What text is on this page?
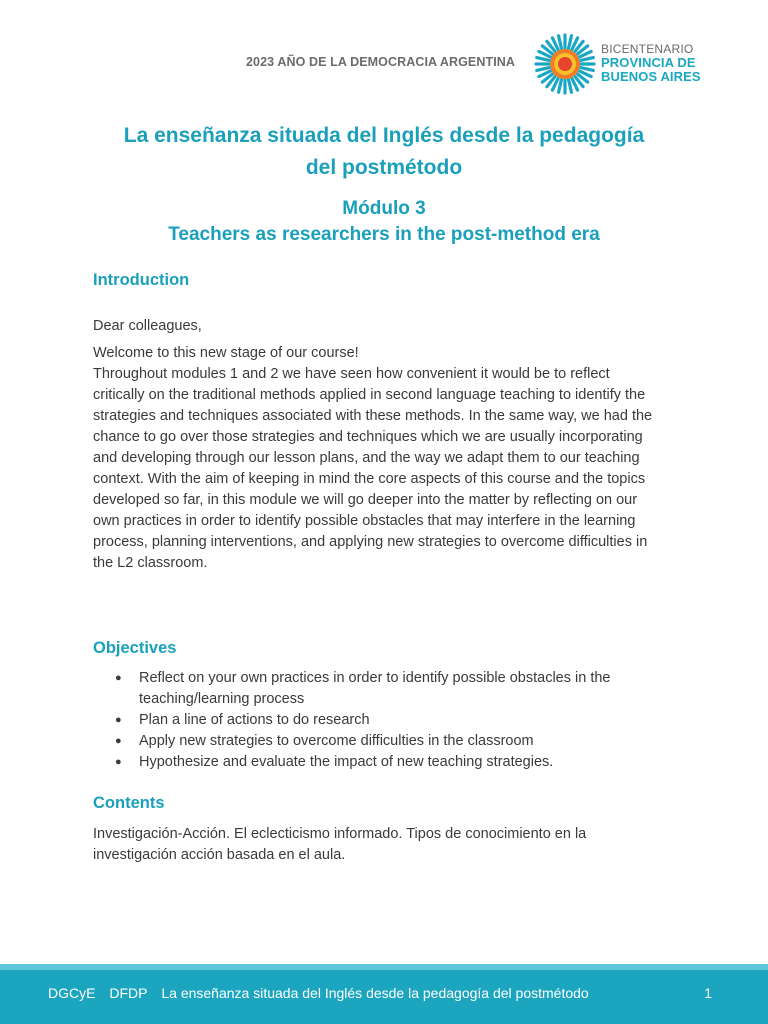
2023 AÑO DE LA DEMOCRACIA ARGENTINA
BICENTENARIO
PROVINCIA DE
BUENOS AIRES
La enseñanza situada del Inglés desde la pedagogía
del postmétodo
Módulo 3
Teachers as researchers in the post-method era
Introduction

Dear colleagues,

Welcome to this new stage of our course!
Throughout modules 1 and 2 we have seen how convenient it would be to reflect critically on the traditional methods applied in second language teaching to identify the strategies and techniques associated with these methods. In the same way, we had the chance to go over those strategies and techniques which we are usually incorporating and developing through our lesson plans, and the way we adapt them to our teaching context. With the aim of keeping in mind the core aspects of this course and the topics developed so far, in this module we will go deeper into the matter by reflecting on our own practices in order to identify possible obstacles that may interfere in the learning process, planning interventions, and applying new strategies to overcome difficulties in the L2 classroom.
Objectives
● Reflect on your own practices in order to identify possible obstacles in the teaching/learning process
● Plan a line of actions to do research
● Apply new strategies to overcome difficulties in the classroom
● Hypothesize and evaluate the impact of new teaching strategies.
Contents

Investigación-Acción. El eclecticismo informado. Tipos de conocimiento en la investigación acción basada en el aula.

DGCyE DFDP La enseñanza situada del Inglés desde la pedagogía del postmétodo	1
